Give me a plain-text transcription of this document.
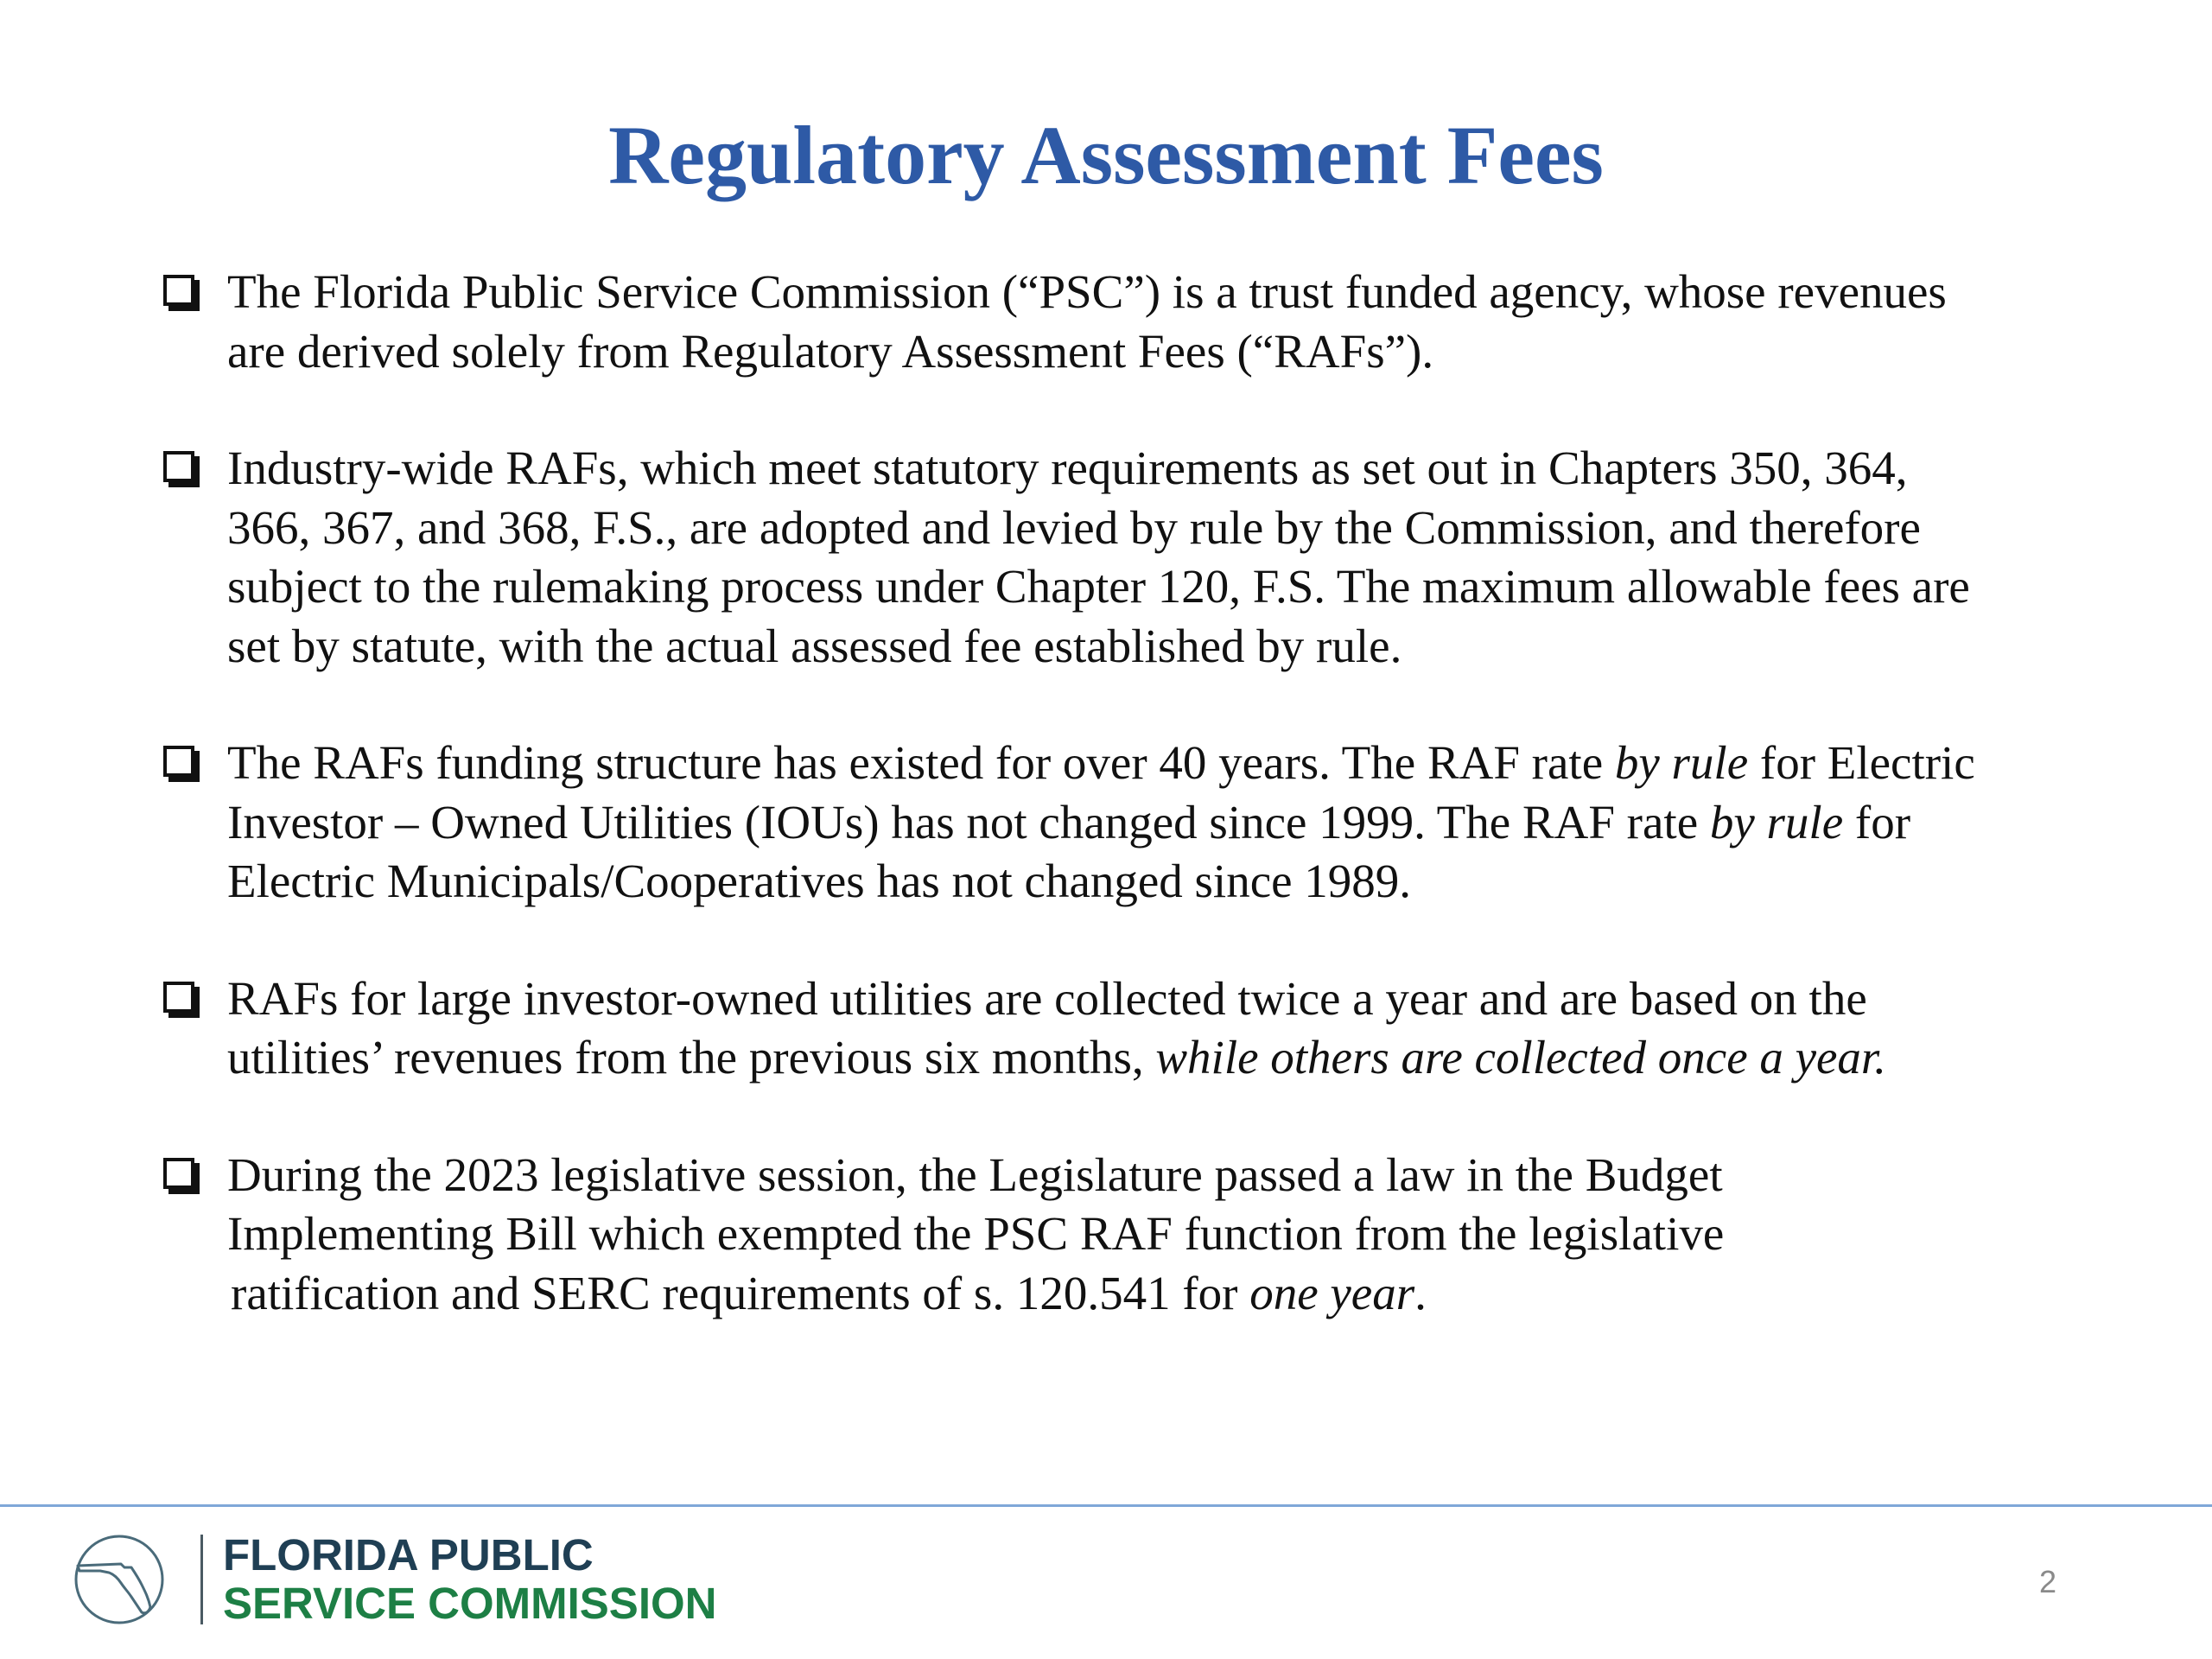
Regulatory Assessment Fees
The Florida Public Service Commission (“PSC”) is a trust funded agency, whose revenues
are derived solely from Regulatory Assessment Fees (“RAFs”).
Industry-wide RAFs, which meet statutory requirements as set out in Chapters 350, 364,
366, 367, and 368, F.S., are adopted and levied by rule by the Commission, and therefore
subject to the rulemaking process under Chapter 120, F.S. The maximum allowable fees are
set by statute, with the actual assessed fee established by rule.
The RAFs funding structure has existed for over 40 years. The RAF rate by rule for Electric
Investor – Owned Utilities (IOUs) has not changed since 1999. The RAF rate by rule for
Electric Municipals/Cooperatives has not changed since 1989.
RAFs for large investor-owned utilities are collected twice a year and are based on the
utilities’ revenues from the previous six months, while others are collected once a year.
During the 2023 legislative session, the Legislature passed a law in the Budget
Implementing Bill which exempted the PSC RAF function from the legislative
ratification and SERC requirements of s. 120.541 for one year.
FLORIDA PUBLIC
SERVICE COMMISSION	2
